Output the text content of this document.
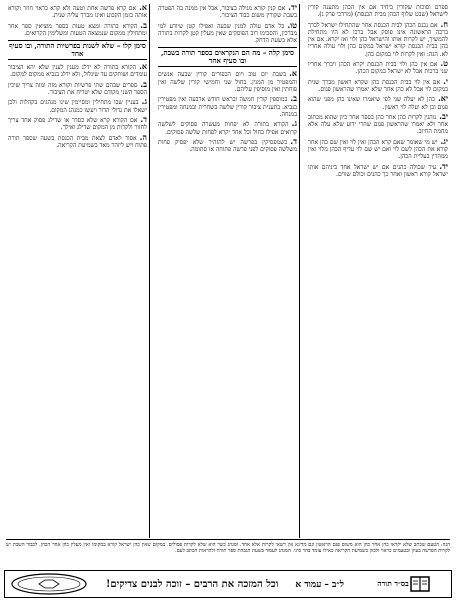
ספרם וסוכות שקורין ביחיד אם אין הכהן מתענה קורין לישראל (שבט שלוף הכהן מבית הכנסת) (מרדכי פרק ג).

ח.אם נכנס הכהן לבית הכנסת אחר שהתחילו ישראל לברך ברכה הראשונה אינו פוסק אבל ברכו לא היו מתחילת להמשיך, יש לקרות אותו והישראל כהן ולוי ואז יקרא. אם אין כהן בבית הכנסת קורא ישראל במקום כהן ולוי עולה אחריו לא. הגה: ואין לקרות לוי במקום כהן.

ט.אם אין כהן ולוי בבית הכנסת יקרא הכהן ויברך אחריו שני ברכות אבל לא ישראל במקום הכהן.

י.אם אין לוי בבית הכנסת כהן שקרא ראשון מברך שנית במקום לוי אבל לא כהן אחר שלא יאמרו שהראשון פגום.

יא.כהן לא יעלה שני לפי שיאמרו שאינו כהן מפני שהוא פגום וכן לא יעלה לוי ראשון.

יב.נוהגין לקרות כהן אחר כהן בספר אחר כיון שהוא מכתוב אחר ולא יאמרו שהראשון פגום שהרי ידוע שלא עלה אלא מחמת החיוב.

יג.יש מי שאומר שאם קרא הכהן ואין לוי ואין שם כהן אחר קורא את הכהן לשם לוי ואם יש שם לוי עדיף הכהן מלוי ואין ממהרין בעליית הכהן.

יד.עיר שכולה כהנים אם יש ישראל אחד ביניהם אותו ישראל קורא ראשון ואחר כך כהנים וכולם שווים.

יד.אם קנין קורא מגילה בציבור, אבל אין ממנה בה הפטרה בשבת שקורין משום כבוד הציבור.

טו.כל אדם עולה למנין שבעה ואפילו קטן שיודע למי מברכין, והסכימו רוב הפוסקים שאין מעלין קטן לקרות בתורה אלא בשעת הדחק.

סימן קלה – מה הם הנקראים בספר תורה בשבת, ובו סעיף אחד

א.בשבת יום טוב ויום הכפורים קורין שבעה אנשים והמפטיר מן המנין. בחול שני וחמישי קורין שלשה ואין פוחתין ואין מוסיפין עליהם.

ב.במוספין קורין חמשה ובראש חודש ארבעה ואין מפטירין בנביא. בתענית ציבור קורין שלשה בשחרית ובמנחה ומפטירין במנחה.

ג.הקורא בתורה לא יפחות מעשרה פסוקים לשלשה קרואים אפילו בחול וכל אחד יקרא לפחות שלשה פסוקים.

ד.כשמפסיקין בפרשה יש להזהיר שלא יפסיק פחות משלשה פסוקים לפני פרשה פתוחה או סתומה.

א.אם קרא פרשה אחת וטעה ולא קרא כראוי חוזר וקורא אותה בזמן הקבוע ואינו מברך עליה שנית.

ב.הקורא בתורה ומצא טעות בספר מוציאין ספר אחר ומתחילין ממקום שנמצאה הטעות ומשלימין הקרואים.

סימן קלו – שלא לשנות בפרשיות התורה, ובו סעיף אחד

א.הקורא בתורה לא ידלג מענין לענין שלא יהא הציבור עומדים ושותקים עד שיגלול, ולא ידלג בנביא ממקום למקום.

ב.ספרים שבהם שתי פרשיות וקורא מזה ומזה צריך שיכין הספר השני מקודם שלא יטריח את הציבור.

ג.בעניין שבו מתחילין ומסיימין שינו מנהגים בקהלות ולכן ישאלו את גדולי הדור ויעשו כמנהג המקום.

ד.אם הקורא קרא שלא כסדר או שדילג פסוק אחד צריך לחזור ולקרות מן המקום שדילג ואילך.

ה.אסור לאדם לצאת מבית הכנסת בשעה שספר תורה פתוח ויש ליזהר מאד בשמיעת הקריאה.

הגה: הטעם שכתב שלא יקראו כהן אחר כהן הוא משום פגם הראשון וגם מדינא אין רשאי לקרות אלא אחד. ומנהג כשר הוא שלא לקרות פסולים. במקום שאין כהן ישראל קורא במקומו ואין מעלין כהן אחר הכהן. לכבוד השבת יש לקרות הפרשה בעיון ובטעמים כראוי ולכוון בשמיעת הקריאה כאילו עומד בהר סיני. המנהג לעמוד בשעת הגבהת ספר תורה ולהראות הכתב לעם.
בס״ד תורה
ל״ב – עמוד א
וכל המזכה את הרבים – זוכה לבנים צדיקים!
